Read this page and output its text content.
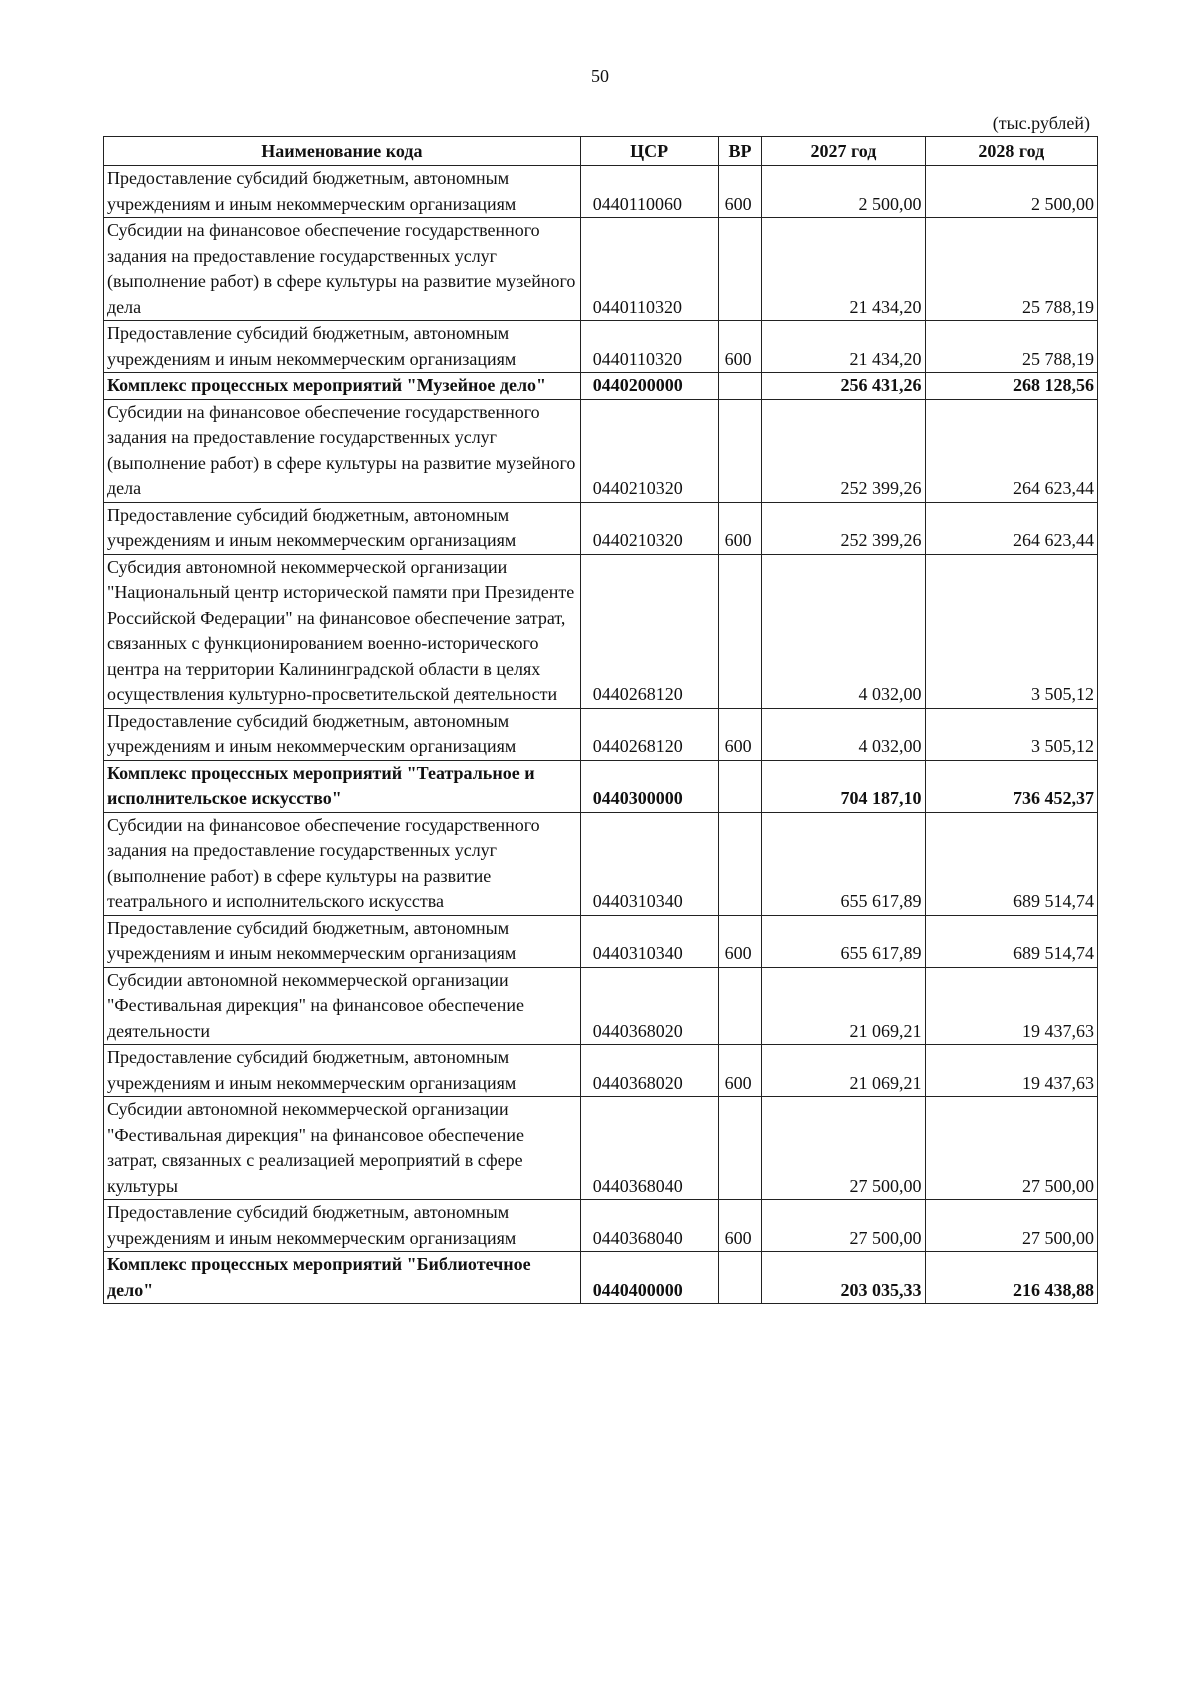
50
(тыс.рублей)
Наименование кода	ЦСР	ВР	2027 год	2028 год
Предоставление субсидий бюджетным, автономным учреждениям и иным некоммерческим организациям	0440110060	600	2 500,00	2 500,00
Субсидии на финансовое обеспечение государственного задания на предоставление государственных услуг (выполнение работ) в сфере культуры на развитие музейного дела	0440110320		21 434,20	25 788,19
Предоставление субсидий бюджетным, автономным учреждениям и иным некоммерческим организациям	0440110320	600	21 434,20	25 788,19
Комплекс процессных мероприятий "Музейное дело"	0440200000		256 431,26	268 128,56
Субсидии на финансовое обеспечение государственного задания на предоставление государственных услуг (выполнение работ) в сфере культуры на развитие музейного дела	0440210320		252 399,26	264 623,44
Предоставление субсидий бюджетным, автономным учреждениям и иным некоммерческим организациям	0440210320	600	252 399,26	264 623,44
Субсидия автономной некоммерческой организации "Национальный центр исторической памяти при Президенте Российской Федерации" на финансовое обеспечение затрат, связанных с функционированием военно-исторического центра на территории Калининградской области в целях осуществления культурно-просветительской деятельности	0440268120		4 032,00	3 505,12
Предоставление субсидий бюджетным, автономным учреждениям и иным некоммерческим организациям	0440268120	600	4 032,00	3 505,12
Комплекс процессных мероприятий "Театральное и исполнительское искусство"	0440300000		704 187,10	736 452,37
Субсидии на финансовое обеспечение государственного задания на предоставление государственных услуг (выполнение работ) в сфере культуры на развитие театрального и исполнительского искусства	0440310340		655 617,89	689 514,74
Предоставление субсидий бюджетным, автономным учреждениям и иным некоммерческим организациям	0440310340	600	655 617,89	689 514,74
Субсидии автономной некоммерческой организации "Фестивальная дирекция" на финансовое обеспечение деятельности	0440368020		21 069,21	19 437,63
Предоставление субсидий бюджетным, автономным учреждениям и иным некоммерческим организациям	0440368020	600	21 069,21	19 437,63
Субсидии автономной некоммерческой организации "Фестивальная дирекция" на финансовое обеспечение затрат, связанных с реализацией мероприятий в сфере культуры	0440368040		27 500,00	27 500,00
Предоставление субсидий бюджетным, автономным учреждениям и иным некоммерческим организациям	0440368040	600	27 500,00	27 500,00
Комплекс процессных мероприятий "Библиотечное дело"	0440400000		203 035,33	216 438,88
